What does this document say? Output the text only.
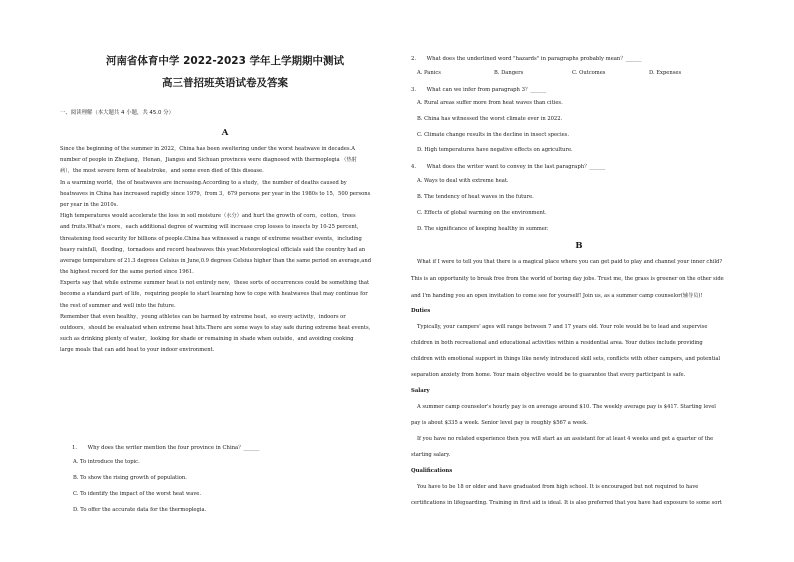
河南省体育中学 2022-2023 学年上学期期中测试
高三普招班英语试卷及答案
一、阅读理解（本大题共 4 小题，共 45.0 分）
A
Since the beginning of the summer in 2022，China has been sweltering under the worst heatwave in decades.A
number of people in Zhejiang，Henan，Jiangsu and Sichuan provinces were diagnosed with thermoplegia （热射
病），the most severe form of heatstroke，and some even died of this disease.
In a warming world，the of heatwaves are increasing.According to a study，the number of deaths caused by
heatwaves in China has increased rapidly since 1979，from 3，679 persons per year in the 1980s to 15，500 persons
per year in the 2010s.
High temperatures would accelerate the loss in soil moisture（水分）and hurt the growth of corn，cotton，trees
and fruits.What's more，each additional degree of warming will increase crop losses to insects by 10-25 percent，
threatening food security for billions of people.China has witnessed a range of extreme weather events，including
heavy rainfall，flooding，tornadoes and record heatwaves this year.Meteorological officials said the country had an
average temperature of 21.3 degrees Celsius in June,0.9 degrees Celsius higher than the same period on average,and
the highest record for the same period since 1961.
Experts say that while extreme summer heat is not entirely new，these sorts of occurrences could be something that
become a standard part of life，requiring people to start learning how to cope with heatwaves that may continue for
the rest of summer and well into the future.
Remember that even healthy，young athletes can be harmed by extreme heat，so every activity，indoors or
outdoors，should be evaluated when extreme heat hits.There are some ways to stay safe during extreme heat events，
such as drinking plenty of water，looking for shade or remaining in shade when outside，and avoiding cooking
large meals that can add heat to your indoor environment.
1.　　Why does the writer mention the four province in China？______
A. To introduce the topic.
B. To show the rising growth of population.
C. To identify the impact of the worst heat wave.
D. To offer the accurate data for the thermoplegia.
2.　　What does the underlined word "hazards" in paragraphs probably mean？______
A. Panics	B. Dangers	C. Outcomes	D. Expenses
3.　　What can we infer from paragraph 3？______
A. Rural areas suffer more from heat waves than cities.
B. China has witnessed the worst climate ever in 2022.
C. Climate change results in the decline in insect species.
D. High temperatures have negative effects on agriculture.
4.　　What does the writer want to convey in the last paragraph？______
A. Ways to deal with extreme heat.
B. The tendency of heat waves in the future.
C. Effects of global warming on the environment.
D. The significance of keeping healthy in summer.
B
What if I were to tell you that there is a magical place where you can get paid to play and channel your inner child?
This is an opportunity to break free from the world of boring day jobs. Trust me, the grass is greener on the other side
and I'm handing you an open invitation to come see for yourself! Join us, as a summer camp counselor(辅导员)!
Duties
Typically, your campers' ages will range between 7 and 17 years old. Your role would be to lead and supervise
children in both recreational and educational activities within a residential area. Your duties include providing
children with emotional support in things like newly introduced skill sets, conflicts with other campers, and potential
separation anxiety from home. Your main objective would be to guarantee that every participant is safe.
Salary
A summer camp counselor's hourly pay is on average around $10. The weekly average pay is $417. Starting level
pay is about $335 a week. Senior level pay is roughly $567 a week.
If you have no related experience then you will start as an assistant for at least 4 weeks and get a quarter of the
starting salary.
Qualifications
You have to be 18 or older and have graduated from high school. It is encouraged but not required to have
certifications in lifeguarding. Training in first aid is ideal. It is also preferred that you have had exposure to some sort
